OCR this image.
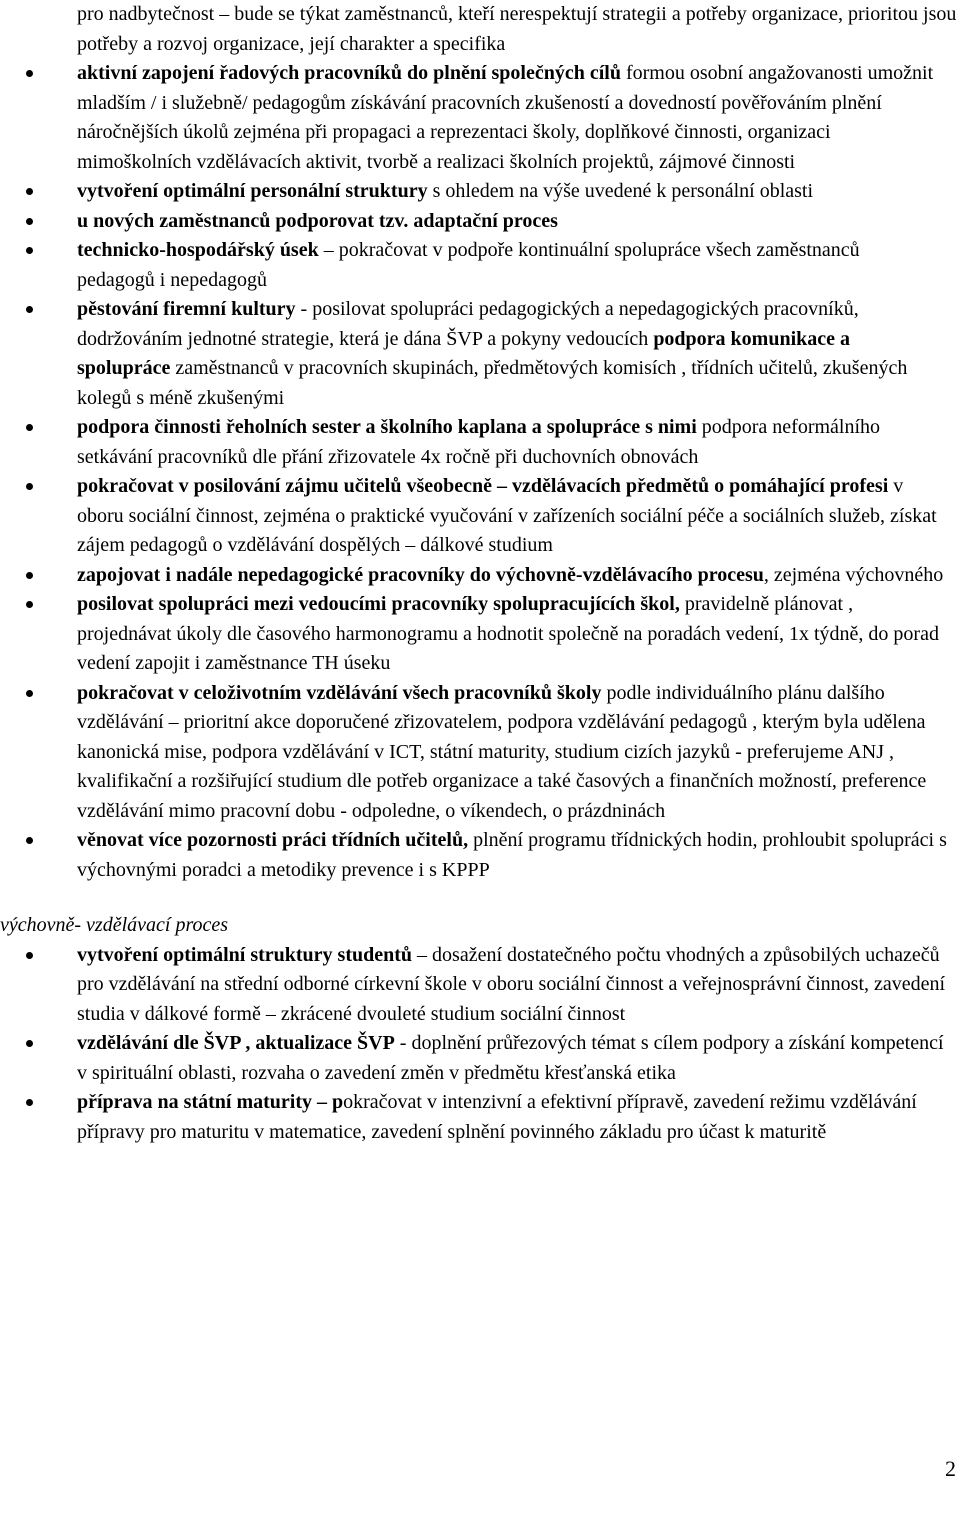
pro nadbytečnost – bude se týkat zaměstnanců, kteří nerespektují strategii a potřeby organizace, prioritou jsou potřeby a rozvoj organizace, její charakter a specifika
aktivní zapojení řadových pracovníků do plnění společných cílů formou osobní angažovanosti umožnit mladším / i služebně/ pedagogům získávání pracovních zkušeností a dovedností pověřováním plnění náročnějších úkolů zejména při propagaci a reprezentaci školy, doplňkové činnosti, organizaci mimoškolních vzdělávacích aktivit, tvorbě a realizaci školních projektů, zájmové činnosti
vytvoření optimální personální struktury s ohledem na výše uvedené k personální oblasti
u nových zaměstnanců podporovat tzv. adaptační proces
technicko-hospodářský úsek – pokračovat v podpoře kontinuální spolupráce všech zaměstnanců pedagogů i nepedagogů
pěstování firemní kultury - posilovat spolupráci pedagogických a nepedagogických pracovníků, dodržováním jednotné strategie, která je dána ŠVP a pokyny vedoucích podpora komunikace a spolupráce zaměstnanců v pracovních skupinách, předmětových komisích , třídních učitelů, zkušených kolegů s méně zkušenými
podpora činnosti řeholních sester a školního kaplana a spolupráce s nimi podpora neformálního setkávání pracovníků dle přání zřizovatele 4x ročně při duchovních obnovách
pokračovat v posilování zájmu učitelů všeobecně – vzdělávacích předmětů o pomáhající profesi v oboru sociální činnost, zejména o praktické vyučování v zařízeních sociální péče a sociálních služeb, získat zájem pedagogů o vzdělávání dospělých – dálkové studium
zapojovat i nadále nepedagogické pracovníky do výchovně-vzdělávacího procesu, zejména výchovného
posilovat spolupráci mezi vedoucími pracovníky spolupracujících škol, pravidelně plánovat , projednávat úkoly dle časového harmonogramu a hodnotit společně na poradách vedení, 1x týdně, do porad vedení zapojit i zaměstnance TH úseku
pokračovat v celoživotním vzdělávání všech pracovníků školy podle individuálního plánu dalšího vzdělávání – prioritní akce doporučené zřizovatelem, podpora vzdělávání pedagogů , kterým byla udělena kanonická mise, podpora vzdělávání v ICT, státní maturity, studium cizích jazyků - preferujeme ANJ , kvalifikační a rozšiřující studium dle potřeb organizace a také časových a finančních možností, preference vzdělávání mimo pracovní dobu - odpoledne, o víkendech, o prázdninách
věnovat více pozornosti práci třídních učitelů, plnění programu třídnických hodin, prohloubit spolupráci s výchovnými poradci a metodiky prevence i s KPPP
výchovně- vzdělávací proces
vytvoření optimální struktury studentů – dosažení dostatečného počtu vhodných a způsobilých uchazečů pro vzdělávání na střední odborné církevní škole v oboru sociální činnost a veřejnosprávní činnost, zavedení studia v dálkové formě – zkrácené dvouleté studium sociální činnost
vzdělávání dle ŠVP , aktualizace ŠVP - doplnění průřezových témat s cílem podpory a získání kompetencí v spirituální oblasti, rozvaha o zavedení změn v předmětu křesťanská etika
příprava na státní maturity – pokračovat v intenzivní a efektivní přípravě, zavedení režimu vzdělávání přípravy pro maturitu v matematice, zavedení splnění povinného základu pro účast k maturitě
2
